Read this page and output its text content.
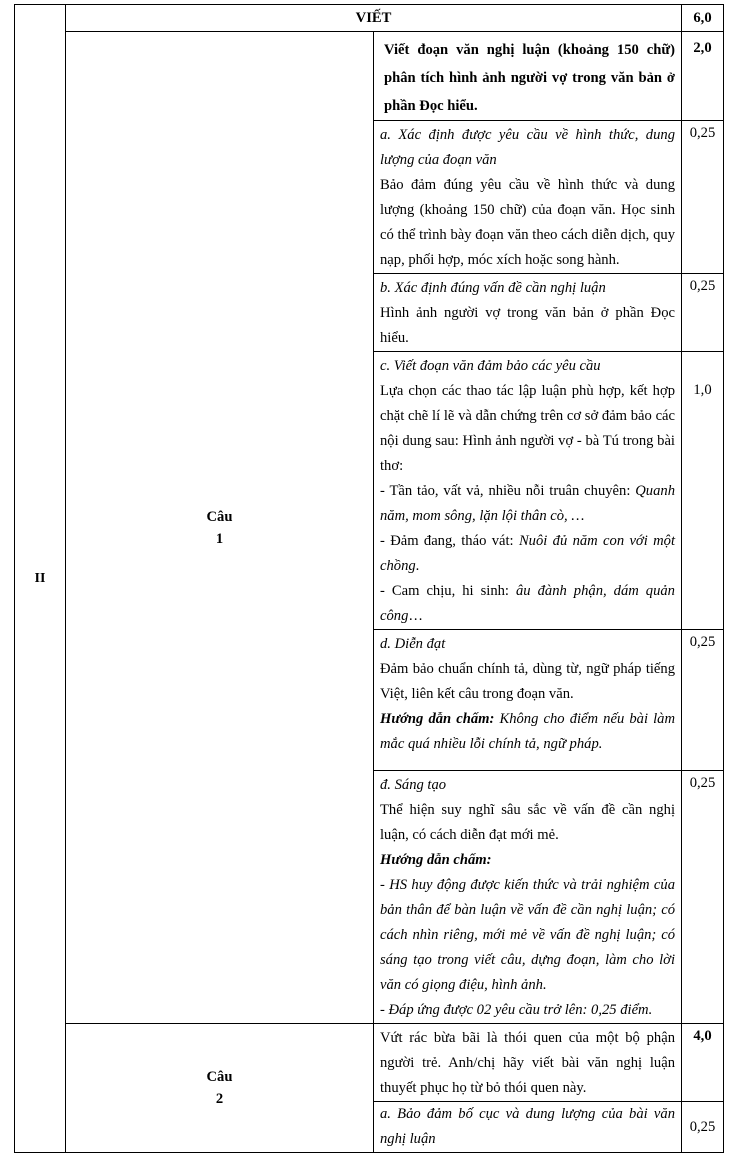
II	VIẾT		6,0

	Câu
1	Viết đoạn văn nghị luận (khoảng 150 chữ) phân tích hình ảnh người vợ trong văn bản ở phần Đọc hiểu.	2,0

		a. Xác định được yêu cầu về hình thức, dung lượng của đoạn văn
Bảo đảm đúng yêu cầu về hình thức và dung lượng (khoảng 150 chữ) của đoạn văn. Học sinh có thể trình bày đoạn văn theo cách diễn dịch, quy nạp, phối hợp, móc xích hoặc song hành.	0,25

		b. Xác định đúng vấn đề cần nghị luận
Hình ảnh người vợ trong văn bản ở phần Đọc hiểu.	0,25

		c. Viết đoạn văn đảm bảo các yêu cầu
Lựa chọn các thao tác lập luận phù hợp, kết hợp chặt chẽ lí lẽ và dẫn chứng trên cơ sở đảm bảo các nội dung sau: Hình ảnh người vợ - bà Tú trong bài thơ:
- Tần tảo, vất vả, nhiều nỗi truân chuyên: Quanh năm, mom sông, lặn lội thân cò, …
- Đảm đang, tháo vát: Nuôi đủ năm con với một chồng.
- Cam chịu, hi sinh: âu đành phận, dám quản công…	1,0

		d. Diễn đạt
Đảm bảo chuẩn chính tả, dùng từ, ngữ pháp tiếng Việt, liên kết câu trong đoạn văn.
Hướng dẫn chấm: Không cho điểm nếu bài làm mắc quá nhiều lỗi chính tả, ngữ pháp.	0,25

		đ. Sáng tạo
Thể hiện suy nghĩ sâu sắc về vấn đề cần nghị luận, có cách diễn đạt mới mẻ.
Hướng dẫn chấm:
- HS huy động được kiến thức và trải nghiệm của bản thân để bàn luận về vấn đề cần nghị luận; có cách nhìn riêng, mới mẻ về vấn đề nghị luận; có sáng tạo trong viết câu, dựng đoạn, làm cho lời văn có giọng điệu, hình ảnh.
- Đáp ứng được 02 yêu cầu trở lên: 0,25 điểm.	0,25

	Câu
2	Vứt rác bừa bãi là thói quen của một bộ phận người trẻ. Anh/chị hãy viết bài văn nghị luận thuyết phục họ từ bỏ thói quen này.	4,0
		a. Bảo đảm bố cục và dung lượng của bài văn nghị luận	0,25
